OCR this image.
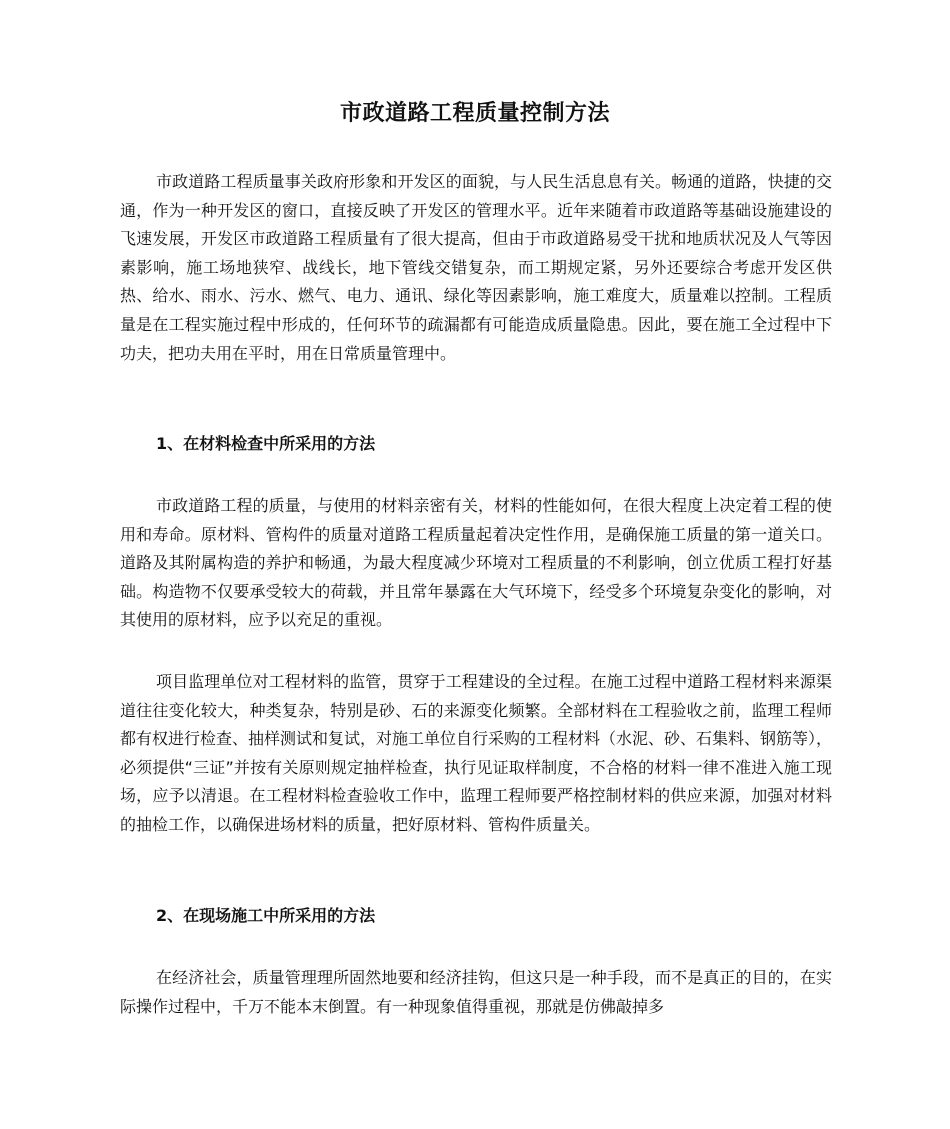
市政道路工程质量控制方法

市政道路工程质量事关政府形象和开发区的面貌，与人民生活息息有关。畅通的道路，快捷的交通，作为一种开发区的窗口，直接反映了开发区的管理水平。近年来随着市政道路等基础设施建设的飞速发展，开发区市政道路工程质量有了很大提高，但由于市政道路易受干扰和地质状况及人气等因素影响，施工场地狭窄、战线长，地下管线交错复杂，而工期规定紧，另外还要综合考虑开发区供热、给水、雨水、污水、燃气、电力、通讯、绿化等因素影响，施工难度大，质量难以控制。工程质量是在工程实施过程中形成的，任何环节的疏漏都有可能造成质量隐患。因此，要在施工全过程中下功夫，把功夫用在平时，用在日常质量管理中。

1、在材料检查中所采用的方法

市政道路工程的质量，与使用的材料亲密有关，材料的性能如何，在很大程度上决定着工程的使用和寿命。原材料、管构件的质量对道路工程质量起着决定性作用，是确保施工质量的第一道关口。道路及其附属构造的养护和畅通，为最大程度减少环境对工程质量的不利影响，创立优质工程打好基础。构造物不仅要承受较大的荷载，并且常年暴露在大气环境下，经受多个环境复杂变化的影响，对其使用的原材料，应予以充足的重视。

项目监理单位对工程材料的监管，贯穿于工程建设的全过程。在施工过程中道路工程材料来源渠道往往变化较大，种类复杂，特别是砂、石的来源变化频繁。全部材料在工程验收之前，监理工程师都有权进行检查、抽样测试和复试，对施工单位自行采购的工程材料（水泥、砂、石集料、钢筋等），必须提供“三证”并按有关原则规定抽样检查，执行见证取样制度，不合格的材料一律不准进入施工现场，应予以清退。在工程材料检查验收工作中，监理工程师要严格控制材料的供应来源，加强对材料的抽检工作，以确保进场材料的质量，把好原材料、管构件质量关。

2、在现场施工中所采用的方法

在经济社会，质量管理理所固然地要和经济挂钩，但这只是一种手段，而不是真正的目的，在实际操作过程中，千万不能本末倒置。有一种现象值得重视，那就是仿佛敲掉多
